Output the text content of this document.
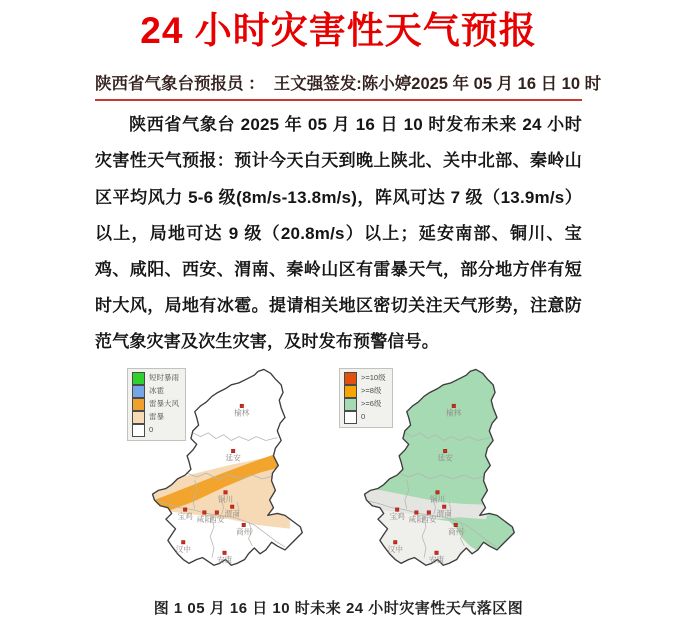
24 小时灾害性天气预报
陕西省气象台 预报员 ： 王文强 签发:陈小婷 2025 年 05 月 16 日 10 时

陕西省气象台 2025 年 05 月 16 日 10 时发布未来 24 小时灾害性天气预报：预计今天白天到晚上陕北、关中北部、秦岭山区平均风力 5-6 级(8m/s-13.8m/s)，阵风可达 7 级（13.9m/s）以上，局地可达 9 级（20.8m/s）以上；延安南部、铜川、宝鸡、咸阳、西安、渭南、秦岭山区有雷暴天气，部分地方伴有短时大风，局地有冰雹。提请相关地区密切关注天气形势，注意防范气象灾害及次生灾害，及时发布预警信号。

短时暴雨
冰雹
雷暴大风
雷暴
0
榆林
延安
铜川
宝鸡 咸阳
西安
渭南
商州
汉中
安康
>=10级
>=8级
>=6级
0	榆林
延安
铜川
宝鸡 咸阳
西安
渭南
商州
汉中
安康
图 1 05 月 16 日 10 时未来 24 小时灾害性天气落区图
